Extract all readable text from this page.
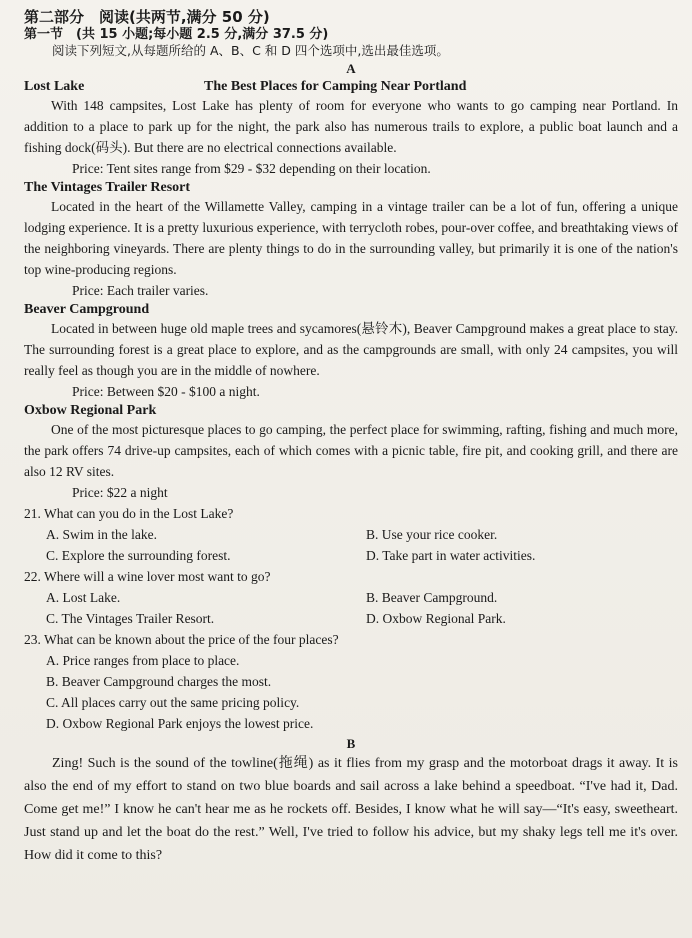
第二部分　阅读(共两节,满分 50 分)
第一节　(共 15 小题;每小题 2.5 分,满分 37.5 分)
阅读下列短文,从每题所给的 A、B、C 和 D 四个选项中,选出最佳选项。
A
Lost Lake	The Best Places for Camping Near Portland

With 148 campsites, Lost Lake has plenty of room for everyone who wants to go camping near Portland. In addition to a place to park up for the night, the park also has numerous trails to explore, a public boat launch and a fishing dock(码头). But there are no electrical connections available.

Price: Tent sites range from $29 - $32 depending on their location.

The Vintages Trailer Resort

Located in the heart of the Willamette Valley, camping in a vintage trailer can be a lot of fun, offering a unique lodging experience. It is a pretty luxurious experience, with terrycloth robes, pour-over coffee, and breathtaking views of the neighboring vineyards. There are plenty things to do in the surrounding valley, but primarily it is one of the nation's top wine-producing regions.

Price: Each trailer varies.

Beaver Campground

Located in between huge old maple trees and sycamores(悬铃木), Beaver Campground makes a great place to stay. The surrounding forest is a great place to explore, and as the campgrounds are small, with only 24 campsites, you will really feel as though you are in the middle of nowhere.

Price: Between $20 - $100 a night.

Oxbow Regional Park

One of the most picturesque places to go camping, the perfect place for swimming, rafting, fishing and much more, the park offers 74 drive-up campsites, each of which comes with a picnic table, fire pit, and cooking grill, and there are also 12 RV sites.

Price: $22 a night

21. What can you do in the Lost Lake?

A. Swim in the lake.	B. Use your rice cooker.
C. Explore the surrounding forest.	D. Take part in water activities.

22. Where will a wine lover most want to go?

A. Lost Lake.	B. Beaver Campground.
C. The Vintages Trailer Resort.	D. Oxbow Regional Park.

23. What can be known about the price of the four places?

A. Price ranges from place to place.
B. Beaver Campground charges the most.
C. All places carry out the same pricing policy.
D. Oxbow Regional Park enjoys the lowest price.
B

Zing! Such is the sound of the towline(拖绳) as it flies from my grasp and the motorboat drags it away. It is also the end of my effort to stand on two blue boards and sail across a lake behind a speedboat. “I've had it, Dad. Come get me!” I know he can't hear me as he rockets off. Besides, I know what he will say—“It's easy, sweetheart. Just stand up and let the boat do the rest.” Well, I've tried to follow his advice, but my shaky legs tell me it's over. How did it come to this?
